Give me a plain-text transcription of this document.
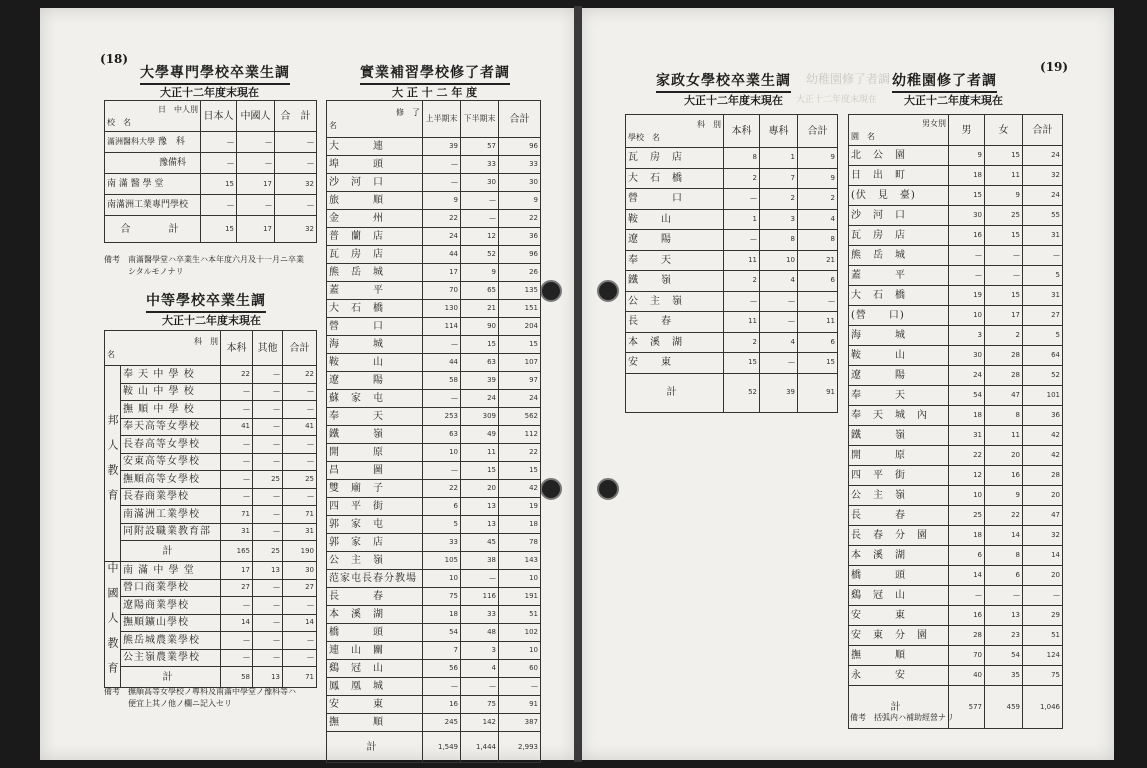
(18)
大學專門學校卒業生調
大正十二年度末現在
日　中人別
校　名	日本人	中國人	合　計
滿洲醫科大學 豫　科	—	—	—
豫備科	—	—	—
南 滿 醫 學 堂	15	17	32
南滿洲工業專門學校	—	—	—
合　　計	15	17	32
備考　南滿醫學堂ハ卒業生ハ本年度六月及十一月ニ卒業
シタルモノナリ
中等學校卒業生調
大正十二年度末現在
科　別
名		本科	其他	合計
邦人教育	奉 天 中 學 校	22	—	22
	鞍 山 中 學 校	—	—	—
	撫 順 中 學 校	—	—	—
	奉天高等女學校	41	—	41
	長春高等女學校	—	—	—
	安東高等女學校	—	—	—
	撫順高等女學校	—	25	25
	長春商業學校	—	—	—
	南滿洲工業學校	71	—	71
	同附設職業教育部	31	—	31
	計	165	25	190
中國人教育	南 滿 中 學 堂	17	13	30
	營口商業學校	27	—	27
	遼陽商業學校	—	—	—
	撫順鑛山學校	14	—	14
	熊岳城農業學校	—	—	—
	公主嶺農業學校	—	—	—
	計	58	13	71
備考　撫順高等女學校ノ專科及南滿中學堂ノ豫科等ハ
便宜上其ノ他ノ欄ニ記入セリ
實業補習學校修了者調
大 正 十 二 年 度
修　了
名	上半期末	下半期末	合計
大　　　連	39	57	96
埠　　　頭	—	33	33
沙　河　口	—	30	30
旅　　　順	9	—	9
金　　　州	22	—	22
普　蘭　店	24	12	36
瓦　房　店	44	52	96
熊　岳　城	17	9	26
蓋　　　平	70	65	135
大　石　橋	130	21	151
營　　　口	114	90	204
海　　　城	—	15	15
鞍　　　山	44	63	107
遼　　　陽	58	39	97
蘇　家　屯	—	24	24
奉　　　天	253	309	562
鐵　　　嶺	63	49	112
開　　　原	10	11	22
昌　　　圖	—	15	15
雙　廟　子	22	20	42
四　平　街	6	13	19
郭　家　屯	5	13	18
郭　家　店	33	45	78
公　主　嶺	105	38	143
范家屯長春分教場	10	—	10
長　　　春	75	116	191
本　溪　湖	18	33	51
橋　　　頭	54	48	102
連　山　關	7	3	10
鷄　冠　山	56	4	60
鳳　凰　城	—	—	—
安　　　東	16	75	91
撫　　　順	245	142	387
計	1,549	1,444	2,993
(19)
家政女學校卒業生調
大正十二年度末現在
幼稚園修了者調
大正十二年度末現在
科　別
學校　名	本科	專科	合計
瓦　房　店	8	1	9
大　石　橋	2	7	9
營　　　口	—	2	2
鞍　　山	1	3	4
遼　　陽	—	8	8
奉　　天	11	10	21
鐵　　嶺	2	4	6
公　主　嶺	—	—	—
長　　春	11	—	11
本　溪　湖	2	4	6
安　　東	15	—	15
計	52	39	91
幼稚園修了者調
大正十二年度末現在
男女別
園　名	男	女	合計
北　公　園	9	15	24
日　出　町	18	11	32
(伏　見　臺)	15	9	24
沙　河　口	30	25	55
瓦　房　店	16	15	31
熊　岳　城	—	—	—
蓋　　　平	—	—	5
大　石　橋	19	15	31
(營　　口)	10	17	27
海　　　城	3	2	5
鞍　　　山	30	28	64
遼　　　陽	24	28	52
奉　　　天	54	47	101
奉　天　城　內	18	8	36
鐵　　　嶺	31	11	42
開　　　原	22	20	42
四　平　街	12	16	28
公　主　嶺	10	9	20
長　　　春	25	22	47
長　春　分　園	18	14	32
本　溪　湖	6	8	14
橋　　　頭	14	6	20
鷄　冠　山	—	—	—
安　　　東	16	13	29
安　東　分　園	28	23	51
撫　　　順	70	54	124
永　　　安	40	35	75
計	577	459	1,046
備考　括弧内ハ補助經營ナリ
